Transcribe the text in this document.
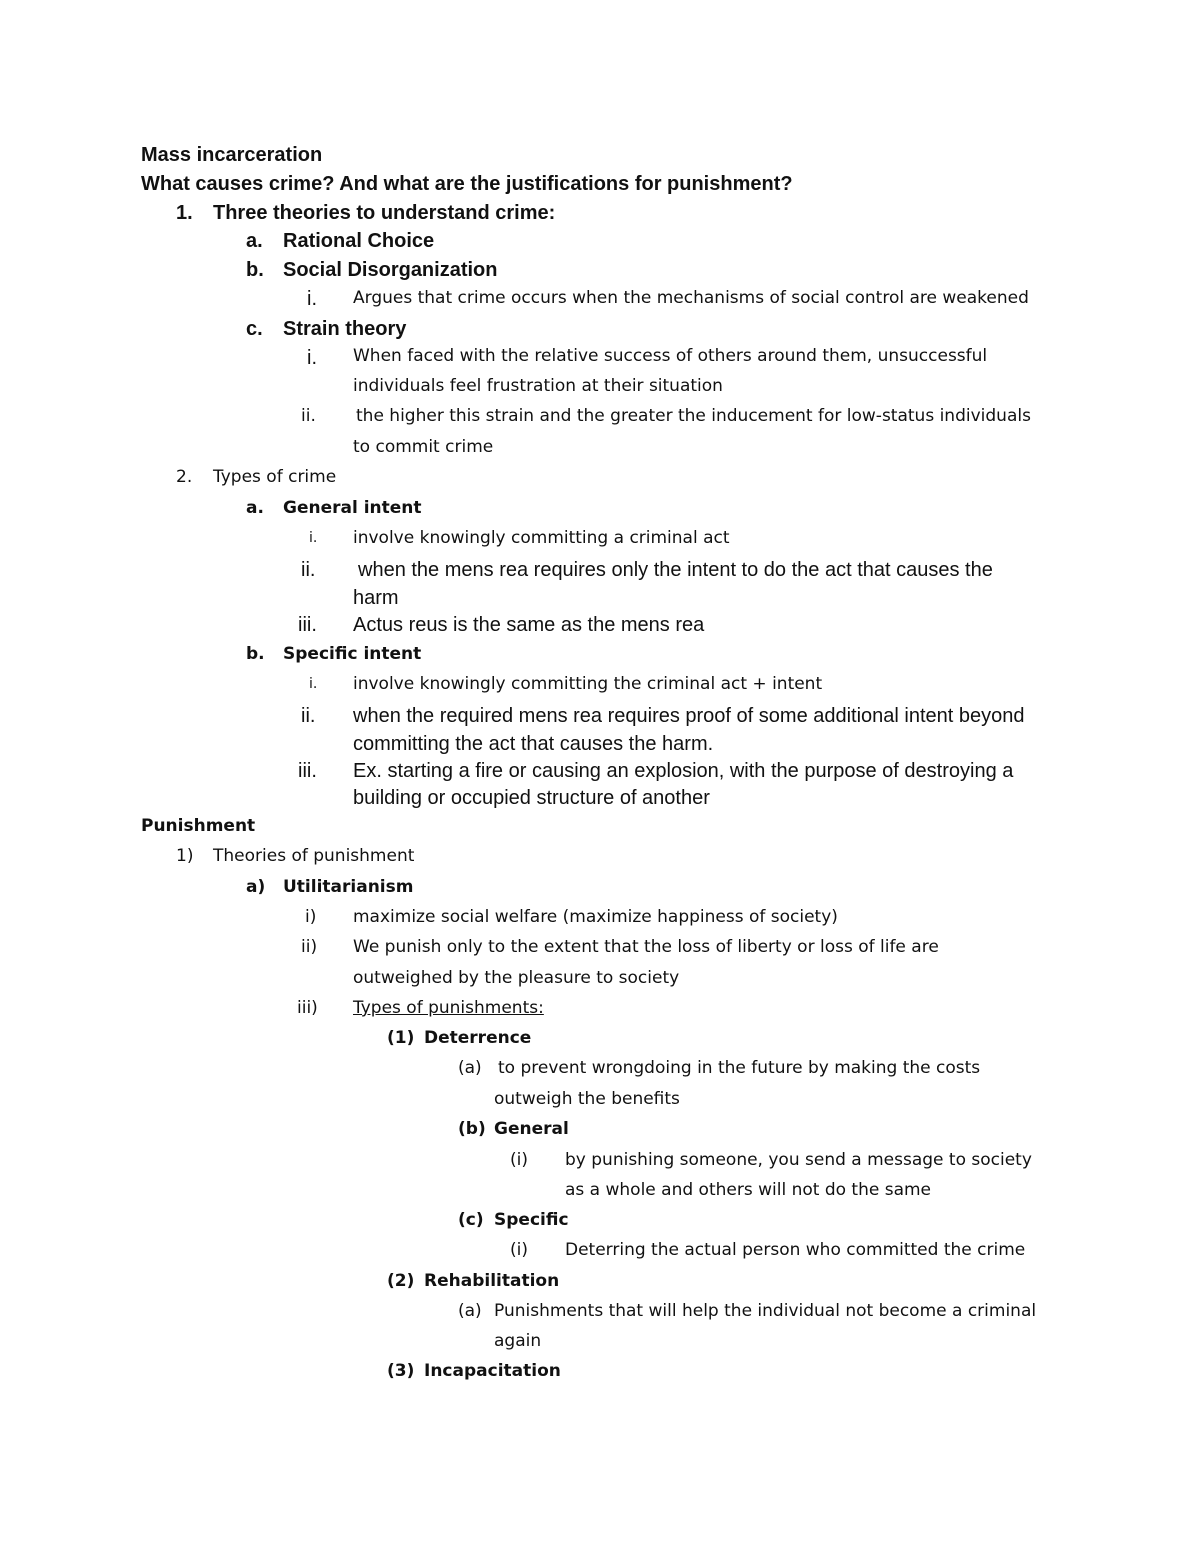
Mass incarceration
What causes crime? And what are the justifications for punishment?
1. Three theories to understand crime:
a. Rational Choice
b. Social Disorganization
i. Argues that crime occurs when the mechanisms of social control are weakened
c. Strain theory
i. When faced with the relative success of others around them, unsuccessful
individuals feel frustration at their situation
ii. the higher this strain and the greater the inducement for low-status individuals
to commit crime
2. Types of crime
a. General intent
i. involve knowingly committing a criminal act
ii. when the mens rea requires only the intent to do the act that causes the
harm
iii. Actus reus is the same as the mens rea
b. Specific intent
i. involve knowingly committing the criminal act + intent
ii. when the required mens rea requires proof of some additional intent beyond
committing the act that causes the harm.
iii. Ex. starting a fire or causing an explosion, with the purpose of destroying a
building or occupied structure of another
Punishment
1) Theories of punishment
a) Utilitarianism
i) maximize social welfare (maximize happiness of society)
ii) We punish only to the extent that the loss of liberty or loss of life are
outweighed by the pleasure to society
iii) Types of punishments:
(1) Deterrence
(a) to prevent wrongdoing in the future by making the costs
outweigh the benefits
(b) General
(i) by punishing someone, you send a message to society
as a whole and others will not do the same
(c) Specific
(i) Deterring the actual person who committed the crime
(2) Rehabilitation
(a) Punishments that will help the individual not become a criminal
again
(3) Incapacitation
